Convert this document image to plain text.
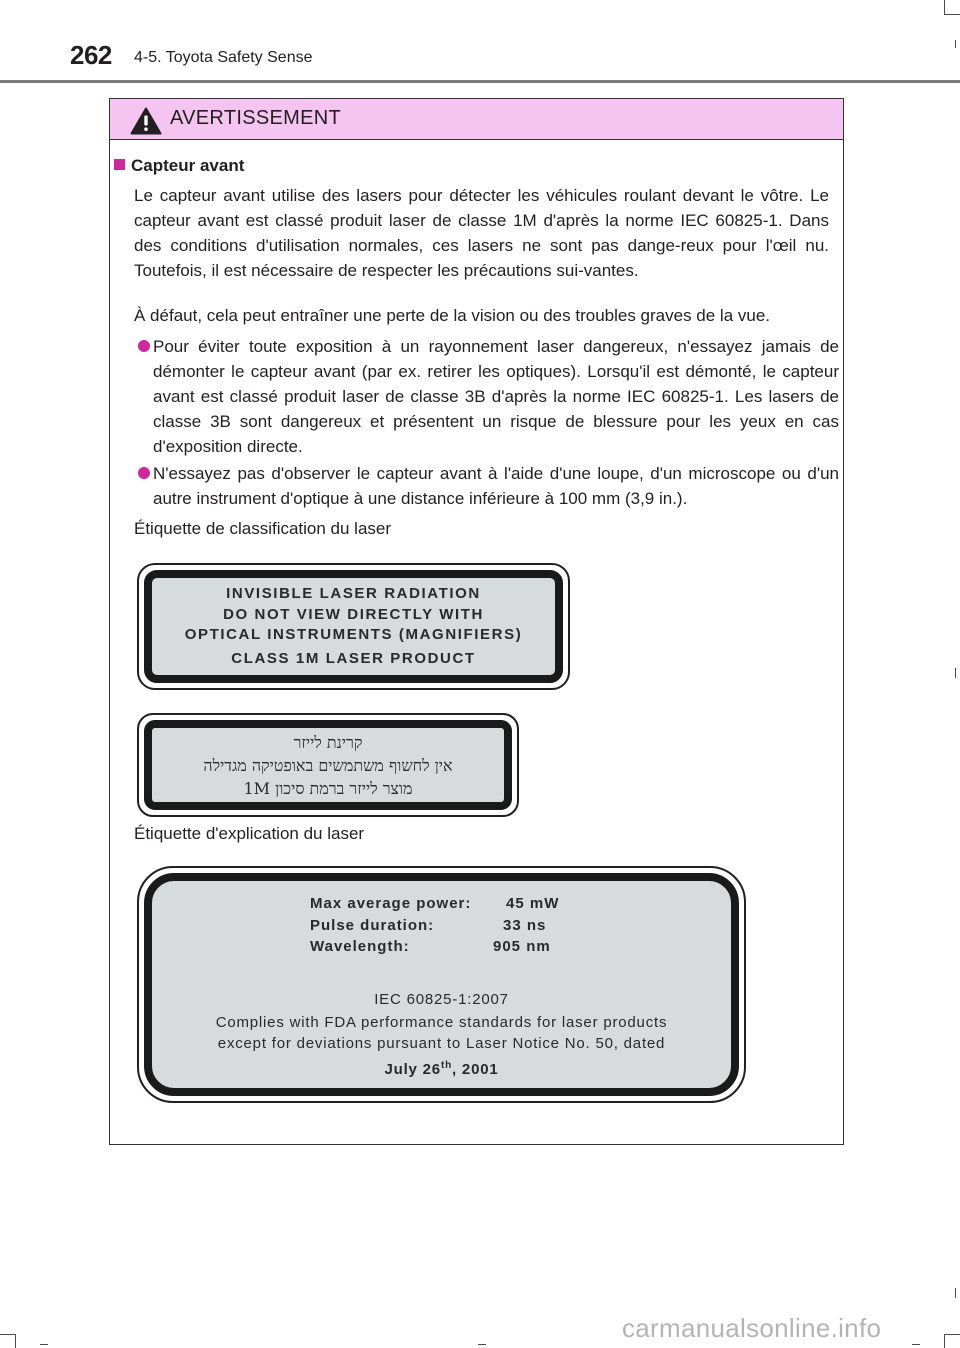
262 4-5. Toyota Safety Sense
AVERTISSEMENT
Capteur avant

Le capteur avant utilise des lasers pour détecter les véhicules roulant devant le vôtre. Le capteur avant est classé produit laser de classe 1M d'après la norme IEC 60825-1. Dans des conditions d'utilisation normales, ces lasers ne sont pas dange-reux pour l'œil nu. Toutefois, il est nécessaire de respecter les précautions sui-vantes.

À défaut, cela peut entraîner une perte de la vision ou des troubles graves de la vue.

Pour éviter toute exposition à un rayonnement laser dangereux, n'essayez jamais de démonter le capteur avant (par ex. retirer les optiques). Lorsqu'il est démonté, le capteur avant est classé produit laser de classe 3B d'après la norme IEC 60825-1. Les lasers de classe 3B sont dangereux et présentent un risque de blessure pour les yeux en cas d'exposition directe.

N'essayez pas d'observer le capteur avant à l'aide d'une loupe, d'un microscope ou d'un autre instrument d'optique à une distance inférieure à 100 mm (3,9 in.).

Étiquette de classification du laser
Étiquette d'explication du laser
INVISIBLE LASER RADIATION
DO NOT VIEW DIRECTLY WITH
OPTICAL INSTRUMENTS (MAGNIFIERS)
CLASS 1M LASER PRODUCT
קרינת לייזר
אין לחשוף משתמשים באופטיקה מגדילה
מוצר לייזר ברמת סיכון 1M
Max average power: 45 mW
Pulse duration:	33 ns
Wavelength:	905 nm
IEC 60825-1:2007
Complies with FDA performance standards for laser products
except for deviations pursuant to Laser Notice No. 50, dated
July 26th, 2001
carmanualsonline.info
